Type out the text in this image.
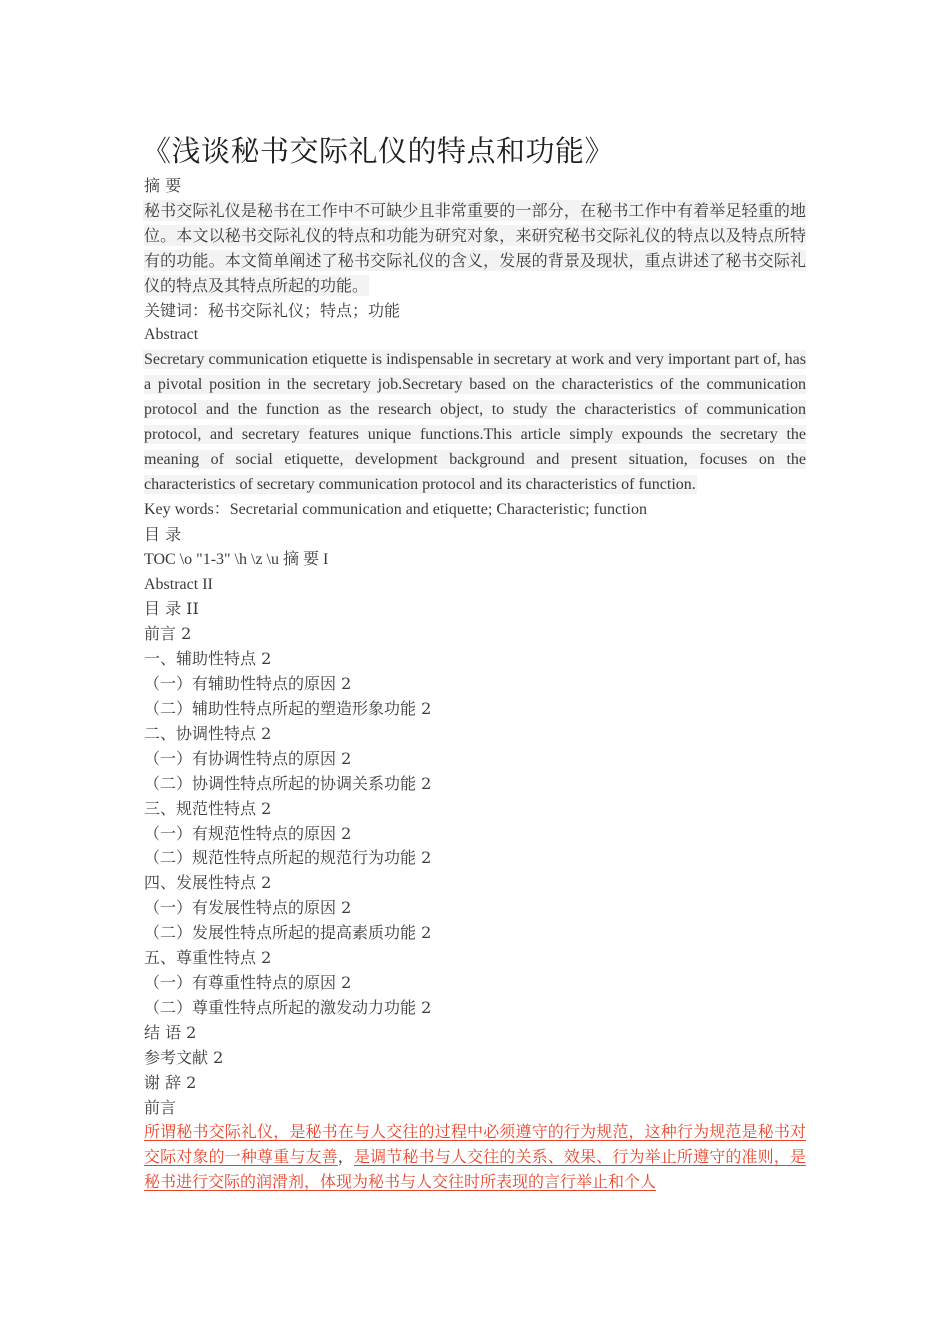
《浅谈秘书交际礼仪的特点和功能》
摘 要
秘书交际礼仪是秘书在工作中不可缺少且非常重要的一部分，在秘书工作中有着举足轻重的地位。本文以秘书交际礼仪的特点和功能为研究对象，来研究秘书交际礼仪的特点以及特点所特有的功能。本文简单阐述了秘书交际礼仪的含义，发展的背景及现状，重点讲述了秘书交际礼仪的特点及其特点所起的功能。
关键词：秘书交际礼仪；特点；功能
Abstract
Secretary communication etiquette is indispensable in secretary at work and very important part of, has a pivotal position in the secretary job.Secretary based on the characteristics of the communication protocol and the function as the research object, to study the characteristics of communication protocol, and secretary features unique functions.This article simply expounds the secretary the meaning of social etiquette, development background and present situation, focuses on the characteristics of secretary communication protocol and its characteristics of function.
Key words：Secretarial communication and etiquette; Characteristic; function
目 录
TOC \o "1-3" \h \z \u 摘 要 I
Abstract II
目 录 II
前言 2
一、辅助性特点 2
（一）有辅助性特点的原因 2
（二）辅助性特点所起的塑造形象功能 2
二、协调性特点 2
（一）有协调性特点的原因 2
（二）协调性特点所起的协调关系功能 2
三、规范性特点 2
（一）有规范性特点的原因 2
（二）规范性特点所起的规范行为功能 2
四、发展性特点 2
（一）有发展性特点的原因 2
（二）发展性特点所起的提高素质功能 2
五、尊重性特点 2
（一）有尊重性特点的原因 2
（二）尊重性特点所起的激发动力功能 2
结 语 2
参考文献 2
谢 辞 2
前言
所谓秘书交际礼仪，是秘书在与人交往的过程中必须遵守的行为规范，这种行为规范是秘书对交际对象的一种尊重与友善，是调节秘书与人交往的关系、效果、行为举止所遵守的准则，是秘书进行交际的润滑剂，体现为秘书与人交往时所表现的言行举止和个人
